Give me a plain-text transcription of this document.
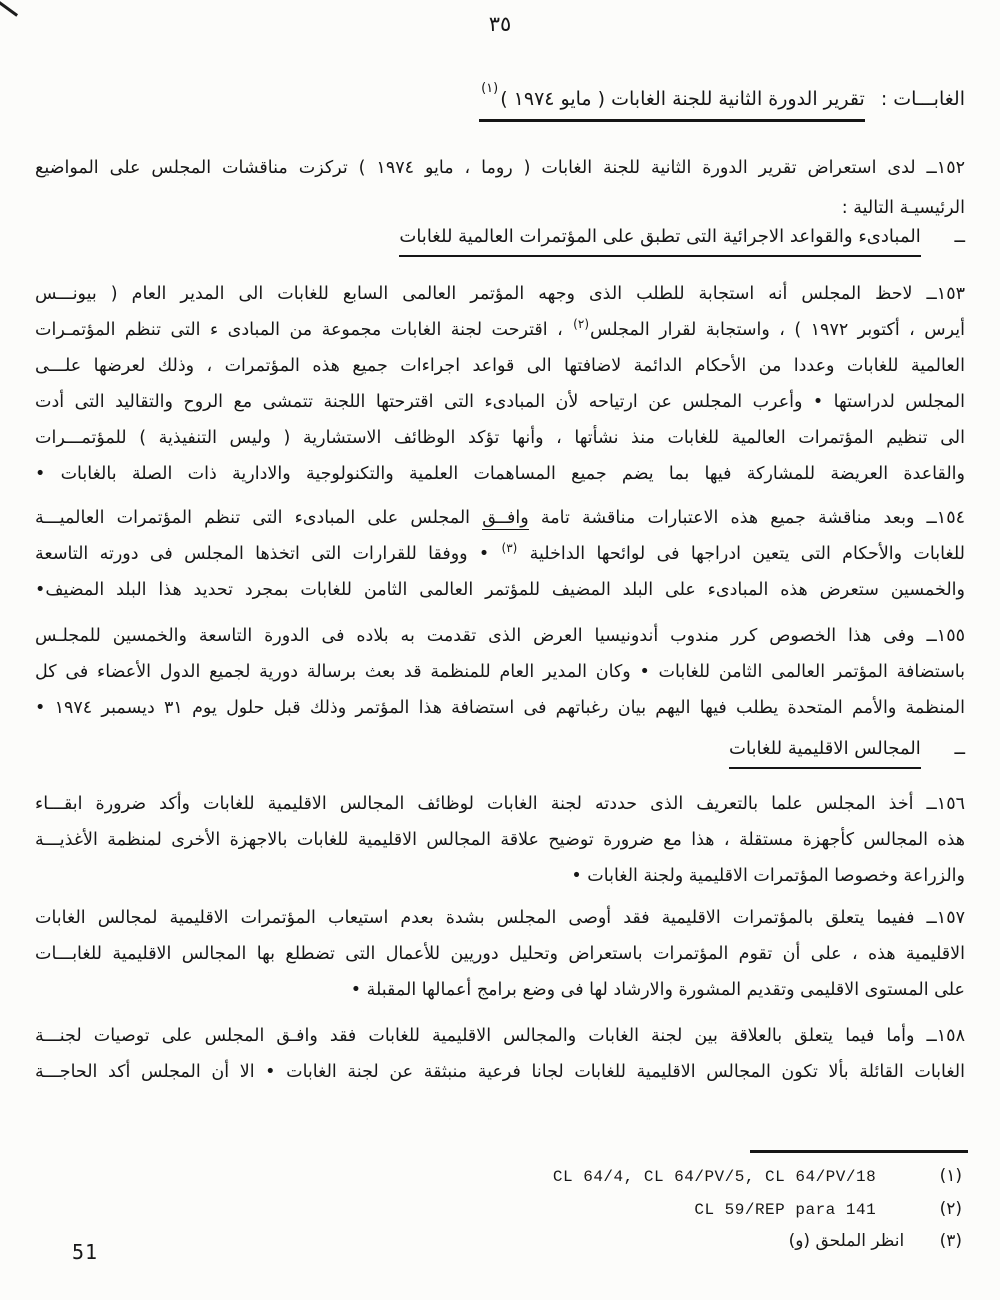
٣٥
الغابـــات : تقرير الدورة الثانية للجنة الغابات ( مايو ١٩٧٤ )(١)
١٥٢ــ لدى استعراض تقرير الدورة الثانية للجنة الغابات ( روما ، مايو ١٩٧٤ ) تركزت مناقشات المجلس على المواضيع
الرئيسيـة التالية :
ــ المبادىء والقواعد الاجرائية التى تطبق على المؤتمرات العالمية للغابات
١٥٣ــ لاحظ المجلس أنه استجابة للطلب الذى وجهه المؤتمر العالمى السابع للغابات الى المدير العام ( بيونـــس
أيرس ، أكتوبر ١٩٧٢ ) ، واستجابة لقرار المجلس(٢) ، اقترحت لجنة الغابات مجموعة من المبادى ء التى تنظم المؤتمـرات
العالمية للغابات وعددا من الأحكام الدائمة لاضافتها الى قواعد اجراءات جميع هذه المؤتمرات ، وذلك لعرضها علـــى
المجلس لدراستها • وأعرب المجلس عن ارتياحه لأن المبادىء التى اقترحتها اللجنة تتمشى مع الروح والتقاليد التى أدت
الى تنظيم المؤتمرات العالمية للغابات منذ نشأتها ، وأنها تؤكد الوظائف الاستشارية ( وليس التنفيذية ) للمؤتمـــرات
والقاعدة العريضة للمشاركة فيها بما يضم جميع المساهمات العلمية والتكنولوجية والادارية ذات الصلة بالغابات •
١٥٤ــ وبعد مناقشة جميع هذه الاعتبارات مناقشة تامة وافــق المجلس على المبادىء التى تنظم المؤتمرات العالميـــة
للغابات والأحكام التى يتعين ادراجها فى لوائحها الداخلية (٣) • ووفقا للقرارات التى اتخذها المجلس فى دورته التاسعة
والخمسين ستعرض هذه المبادىء على البلد المضيف للمؤتمر العالمى الثامن للغابات بمجرد تحديد هذا البلد المضيف•
١٥٥ــ وفى هذا الخصوص كرر مندوب أندونيسيا العرض الذى تقدمت به بلاده فى الدورة التاسعة والخمسين للمجلـس
باستضافة المؤتمر العالمى الثامن للغابات • وكان المدير العام للمنظمة قد بعث برسالة دورية لجميع الدول الأعضاء فى كل
المنظمة والأمم المتحدة يطلب فيها اليهم بيان رغباتهم فى استضافة هذا المؤتمر وذلك قبل حلول يوم ٣١ ديسمبر ١٩٧٤ •
ــ المجالس الاقليمية للغابات
١٥٦ــ أخذ المجلس علما بالتعريف الذى حددته لجنة الغابات لوظائف المجالس الاقليمية للغابات وأكد ضرورة ابقـــاء
هذه المجالس كأجهزة مستقلة ، هذا مع ضرورة توضيح علاقة المجالس الاقليمية للغابات بالاجهزة الأخرى لمنظمة الأغذيـــة
والزراعة وخصوصا المؤتمرات الاقليمية ولجنة الغابات •
١٥٧ــ ففيما يتعلق بالمؤتمرات الاقليمية فقد أوصى المجلس بشدة بعدم استيعاب المؤتمرات الاقليمية لمجالس الغابات
الاقليمية هذه ، على أن تقوم المؤتمرات باستعراض وتحليل دوريين للأعمال التى تضطلع بها المجالس الاقليمية للغابـــات
على المستوى الاقليمى وتقديم المشورة والارشاد لها فى وضع برامج أعمالها المقبلة •
١٥٨ــ وأما فيما يتعلق بالعلاقة بين لجنة الغابات والمجالس الاقليمية للغابات فقد وافـق المجلس على توصيات لجنـــة
الغابات القائلة بألا تكون المجالس الاقليمية للغابات لجانا فرعية منبثقة عن لجنة الغابات • الا أن المجلس أكد الحاجـــة
(١) CL 64/4, CL 64/PV/5, CL 64/PV/18
(٢) CL 59/REP para 141
(٣) انظر الملحق (و)
51
